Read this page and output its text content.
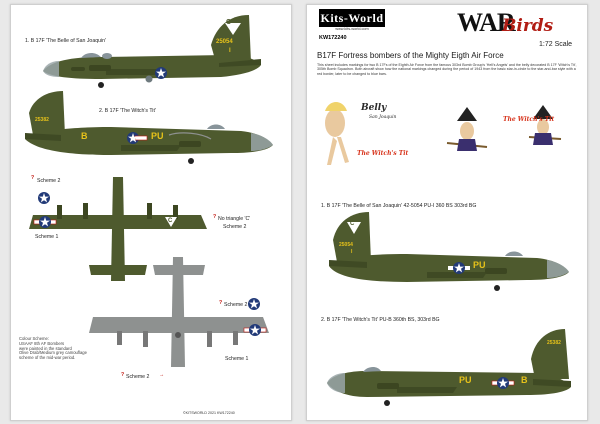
1. B 17F 'The Belle of San Joaquin'
C
25054
I
2. B 17F 'The Witch's Tit'
25382
B	PU
C
Scheme 2
?
Scheme 1
? No triangle 'C'
Scheme 2
? Scheme 2
Scheme 1
? Scheme 2 →
Colour Scheme:
USAAF 8th AF Bombers
were painted in the standard
Olive Drab/Medium grey camouflage
scheme of the mid-war period.
©KITSWORLD 2021 KW172240
Kits-World
www.kits-world.com
KW172240
WAR
Birds
1:72 Scale
B17F Fortress bombers of the Mighty Eigth Air Force
This sheet includes markings for two B 17Fs of the Eighth Air Force from the famous 303rd Bomb Group's 'Hell's Angels' and the belly decorated B 17F 'Witch's Tit', 305th Bomb Squadron. Both aircraft show how the national markings changed during the period of 1943 from the basic star-in-circle to the star-and-bar style with a red border, later to be changed to blue bars.
Belly
San Joaquin
The Witch's Tit
The Witch's Tit
1. B 17F 'The Belle of San Joaquin' 42-5054 PU-I 360 BS 303rd BG
C
25054
I
PU
2. B 17F 'The Witch's Tit' PU-B 360th BS, 303rd BG
25382
PU	B
